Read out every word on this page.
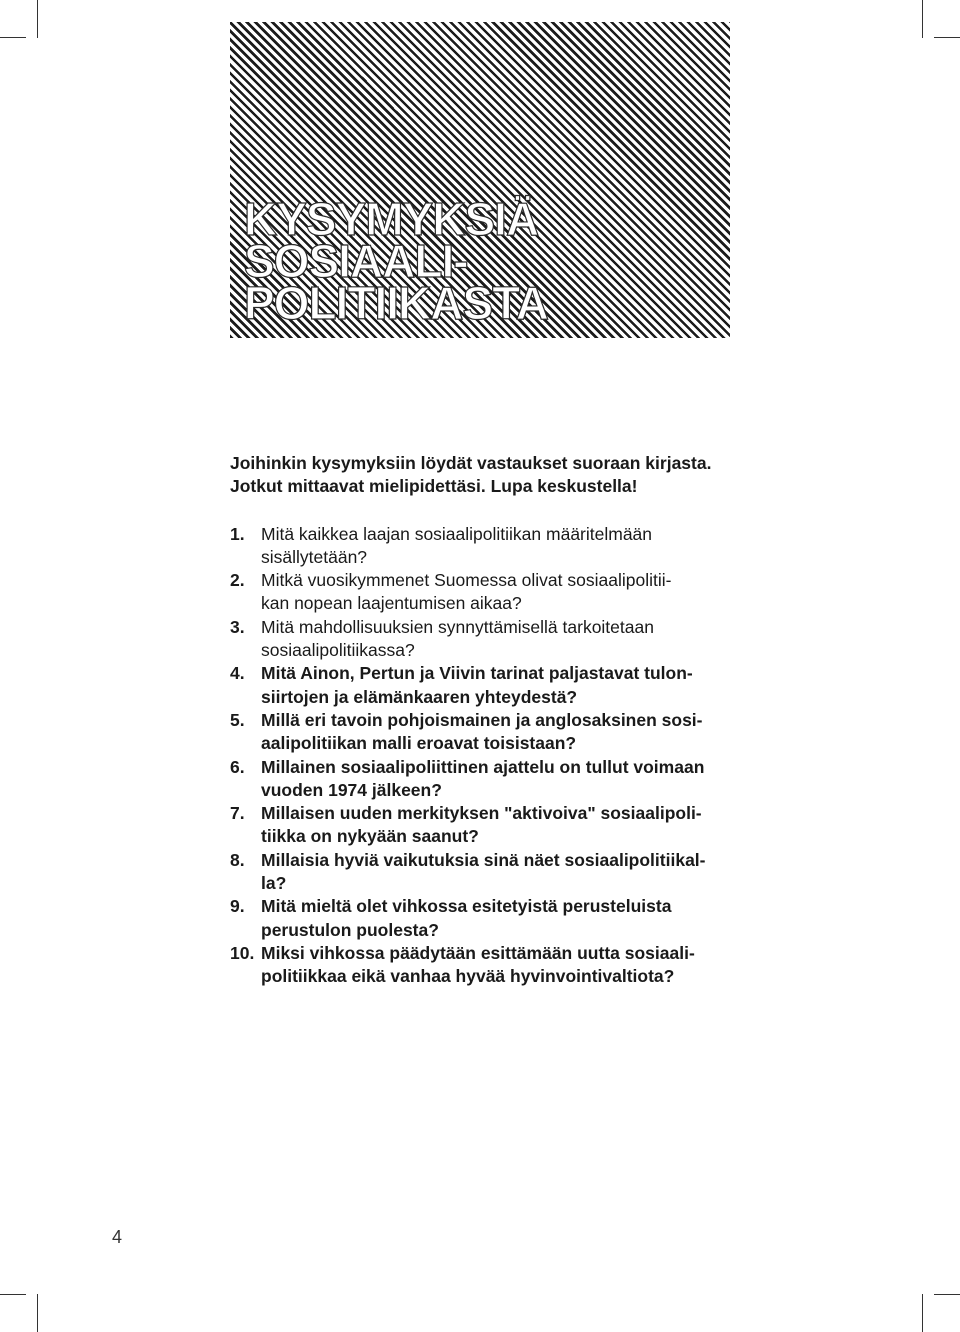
KYSYMYKSIÄ
SOSIAALI-
POLITIIKASTA

Joihinkin kysymyksiin löydät vastaukset suoraan kirjasta.
Jotkut mittaavat mielipidettäsi. Lupa keskustella!

1. Mitä kaikkea laajan sosiaalipolitiikan määritelmään
sisällytetään?
2. Mitkä vuosikymmenet Suomessa olivat sosiaalipolitii-
kan nopean laajentumisen aikaa?
3. Mitä mahdollisuuksien synnyttämisellä tarkoitetaan
sosiaalipolitiikassa?
4. Mitä Ainon, Pertun ja Viivin tarinat paljastavat tulon-
siirtojen ja elämänkaaren yhteydestä?
5. Millä eri tavoin pohjoismainen ja anglosaksinen sosi-
aalipolitiikan malli eroavat toisistaan?
6. Millainen sosiaalipoliittinen ajattelu on tullut voimaan
vuoden 1974 jälkeen?
7. Millaisen uuden merkityksen "aktivoiva" sosiaalipoli-
tiikka on nykyään saanut?
8. Millaisia hyviä vaikutuksia sinä näet sosiaalipolitiikal-
la?
9. Mitä mieltä olet vihkossa esitetyistä perusteluista
perustulon puolesta?
10. Miksi vihkossa päädytään esittämään uutta sosiaali-
politiikkaa eikä vanhaa hyvää hyvinvointivaltiota?
4
